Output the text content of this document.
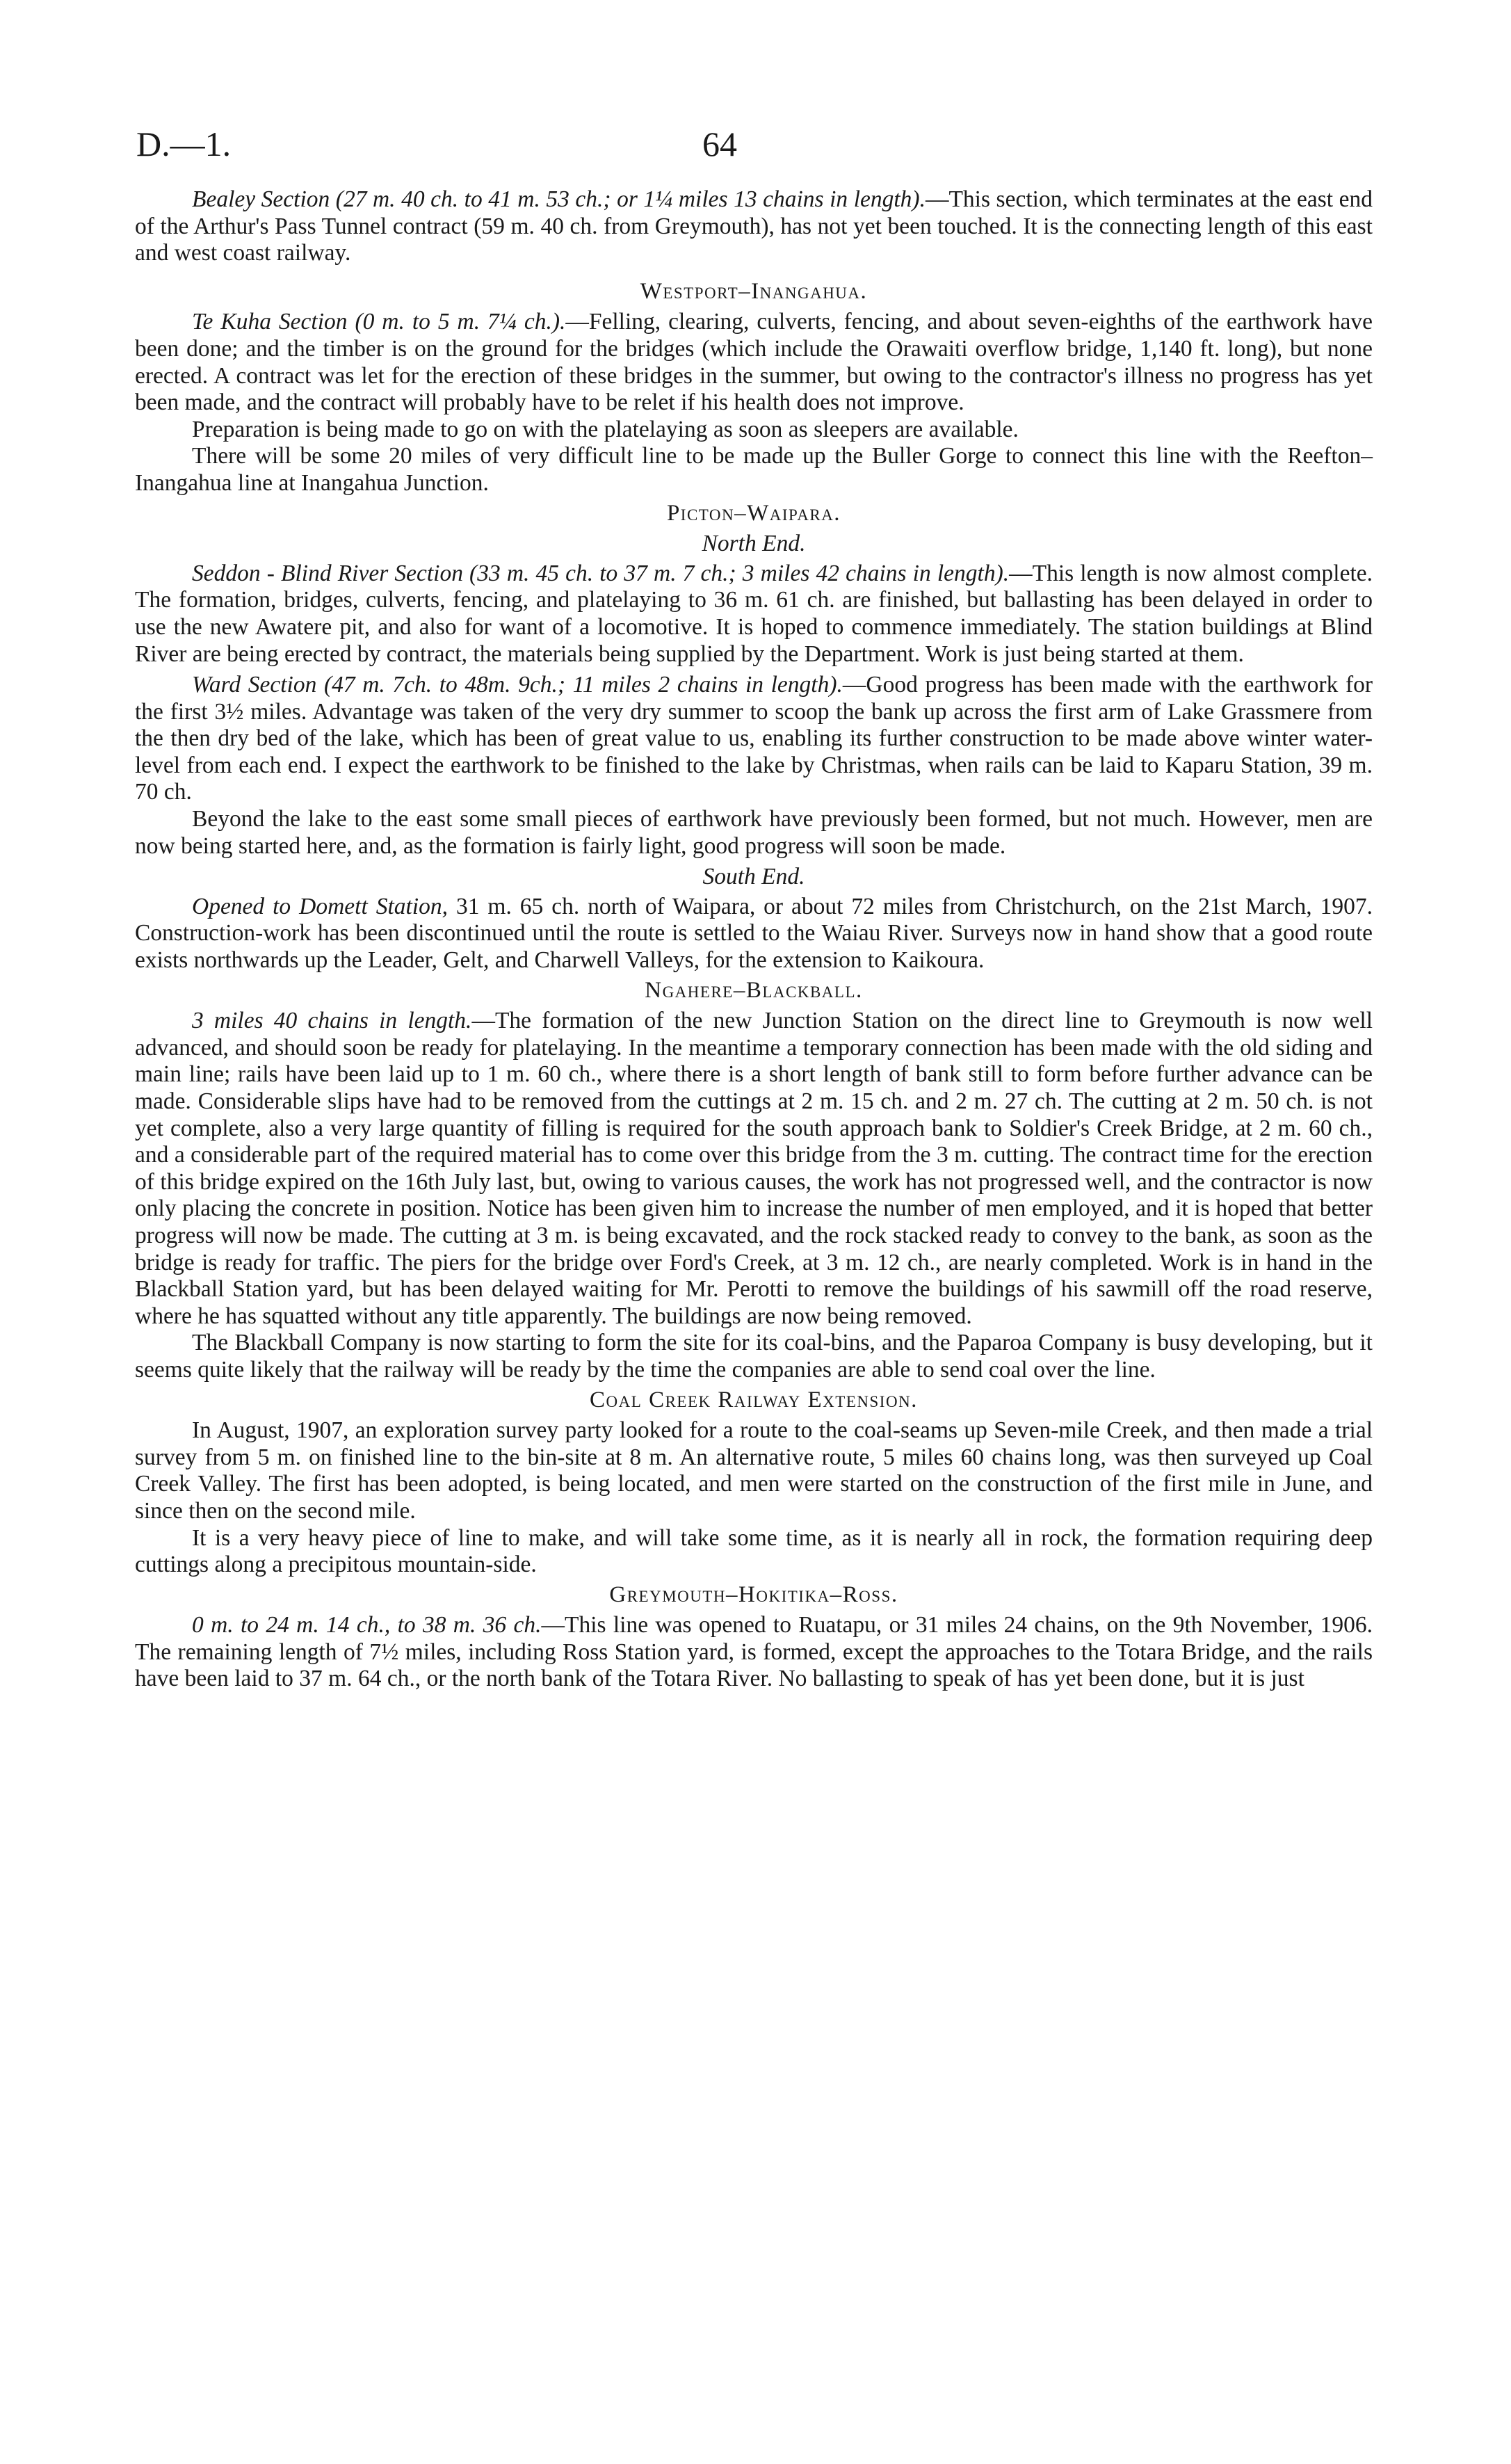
D.—1.	64

Bealey Section (27 m. 40 ch. to 41 m. 53 ch.; or 1¼ miles 13 chains in length).—This section, which terminates at the east end of the Arthur's Pass Tunnel contract (59 m. 40 ch. from Greymouth), has not yet been touched. It is the connecting length of this east and west coast railway.

Westport–Inangahua.

Te Kuha Section (0 m. to 5 m. 7¼ ch.).—Felling, clearing, culverts, fencing, and about seven-eighths of the earthwork have been done; and the timber is on the ground for the bridges (which include the Orawaiti overflow bridge, 1,140 ft. long), but none erected. A contract was let for the erection of these bridges in the summer, but owing to the contractor's illness no progress has yet been made, and the contract will probably have to be relet if his health does not improve.

Preparation is being made to go on with the platelaying as soon as sleepers are available.

There will be some 20 miles of very difficult line to be made up the Buller Gorge to connect this line with the Reefton–Inangahua line at Inangahua Junction.

Picton–Waipara.
North End.

Seddon - Blind River Section (33 m. 45 ch. to 37 m. 7 ch.; 3 miles 42 chains in length).—This length is now almost complete. The formation, bridges, culverts, fencing, and platelaying to 36 m. 61 ch. are finished, but ballasting has been delayed in order to use the new Awatere pit, and also for want of a locomotive. It is hoped to commence immediately. The station buildings at Blind River are being erected by contract, the materials being supplied by the Department. Work is just being started at them.

Ward Section (47 m. 7ch. to 48m. 9ch.; 11 miles 2 chains in length).—Good progress has been made with the earthwork for the first 3½ miles. Advantage was taken of the very dry summer to scoop the bank up across the first arm of Lake Grassmere from the then dry bed of the lake, which has been of great value to us, enabling its further construction to be made above winter water-level from each end. I expect the earthwork to be finished to the lake by Christmas, when rails can be laid to Kaparu Station, 39 m. 70 ch.

Beyond the lake to the east some small pieces of earthwork have previously been formed, but not much. However, men are now being started here, and, as the formation is fairly light, good progress will soon be made.

South End.

Opened to Domett Station, 31 m. 65 ch. north of Waipara, or about 72 miles from Christchurch, on the 21st March, 1907. Construction-work has been discontinued until the route is settled to the Waiau River. Surveys now in hand show that a good route exists northwards up the Leader, Gelt, and Charwell Valleys, for the extension to Kaikoura.

Ngahere–Blackball.

3 miles 40 chains in length.—The formation of the new Junction Station on the direct line to Greymouth is now well advanced, and should soon be ready for platelaying. In the meantime a temporary connection has been made with the old siding and main line; rails have been laid up to 1 m. 60 ch., where there is a short length of bank still to form before further advance can be made. Considerable slips have had to be removed from the cuttings at 2 m. 15 ch. and 2 m. 27 ch. The cutting at 2 m. 50 ch. is not yet complete, also a very large quantity of filling is required for the south approach bank to Soldier's Creek Bridge, at 2 m. 60 ch., and a considerable part of the required material has to come over this bridge from the 3 m. cutting. The contract time for the erection of this bridge expired on the 16th July last, but, owing to various causes, the work has not progressed well, and the contractor is now only placing the concrete in position. Notice has been given him to increase the number of men employed, and it is hoped that better progress will now be made. The cutting at 3 m. is being excavated, and the rock stacked ready to convey to the bank, as soon as the bridge is ready for traffic. The piers for the bridge over Ford's Creek, at 3 m. 12 ch., are nearly completed. Work is in hand in the Blackball Station yard, but has been delayed waiting for Mr. Perotti to remove the buildings of his sawmill off the road reserve, where he has squatted without any title apparently. The buildings are now being removed.

The Blackball Company is now starting to form the site for its coal-bins, and the Paparoa Company is busy developing, but it seems quite likely that the railway will be ready by the time the companies are able to send coal over the line.

Coal Creek Railway Extension.

In August, 1907, an exploration survey party looked for a route to the coal-seams up Seven-mile Creek, and then made a trial survey from 5 m. on finished line to the bin-site at 8 m. An alternative route, 5 miles 60 chains long, was then surveyed up Coal Creek Valley. The first has been adopted, is being located, and men were started on the construction of the first mile in June, and since then on the second mile.

It is a very heavy piece of line to make, and will take some time, as it is nearly all in rock, the formation requiring deep cuttings along a precipitous mountain-side.

Greymouth–Hokitika–Ross.

0 m. to 24 m. 14 ch., to 38 m. 36 ch.—This line was opened to Ruatapu, or 31 miles 24 chains, on the 9th November, 1906. The remaining length of 7½ miles, including Ross Station yard, is formed, except the approaches to the Totara Bridge, and the rails have been laid to 37 m. 64 ch., or the north bank of the Totara River. No ballasting to speak of has yet been done, but it is just
